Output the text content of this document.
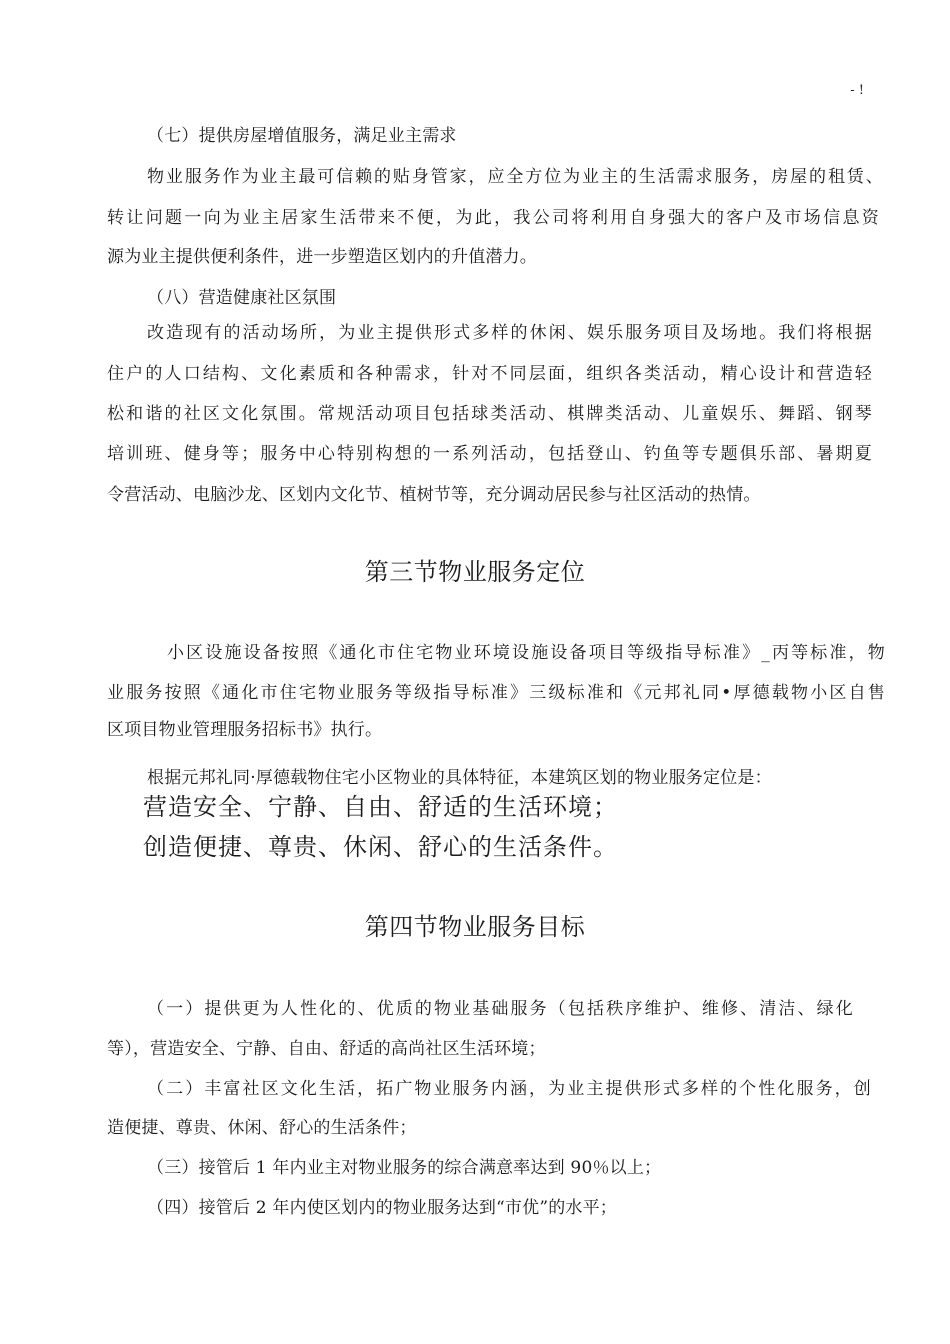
- !
（七）提供房屋增值服务，满足业主需求
物业服务作为业主最可信赖的贴身管家，应全方位为业主的生活需求服务，房屋的租赁、
转让问题一向为业主居家生活带来不便，为此，我公司将利用自身强大的客户及市场信息资
源为业主提供便利条件，进一步塑造区划内的升值潜力。
（八）营造健康社区氛围
改造现有的活动场所，为业主提供形式多样的休闲、娱乐服务项目及场地。我们将根据
住户的人口结构、文化素质和各种需求，针对不同层面，组织各类活动，精心设计和营造轻
松和谐的社区文化氛围。常规活动项目包括球类活动、棋牌类活动、儿童娱乐、舞蹈、钢琴
培训班、健身等；服务中心特别构想的一系列活动，包括登山、钓鱼等专题俱乐部、暑期夏
令营活动、电脑沙龙、区划内文化节、植树节等，充分调动居民参与社区活动的热情。
第三节物业服务定位
小区设施设备按照《通化市住宅物业环境设施设备项目等级指导标准》_丙等标准，物
业服务按照《通化市住宅物业服务等级指导标准》三级标准和《元邦礼同•厚德载物小区自售
区项目物业管理服务招标书》执行。
根据元邦礼同·厚德载物住宅小区物业的具体特征，本建筑区划的物业服务定位是：
营造安全、宁静、自由、舒适的生活环境；
创造便捷、尊贵、休闲、舒心的生活条件。
第四节物业服务目标
（一）提供更为人性化的、优质的物业基础服务（包括秩序维护、维修、清洁、绿化
等），营造安全、宁静、自由、舒适的高尚社区生活环境；
（二）丰富社区文化生活，拓广物业服务内涵，为业主提供形式多样的个性化服务，创
造便捷、尊贵、休闲、舒心的生活条件；
（三）接管后 1 年内业主对物业服务的综合满意率达到 90％以上；
（四）接管后 2 年内使区划内的物业服务达到“市优”的水平；
